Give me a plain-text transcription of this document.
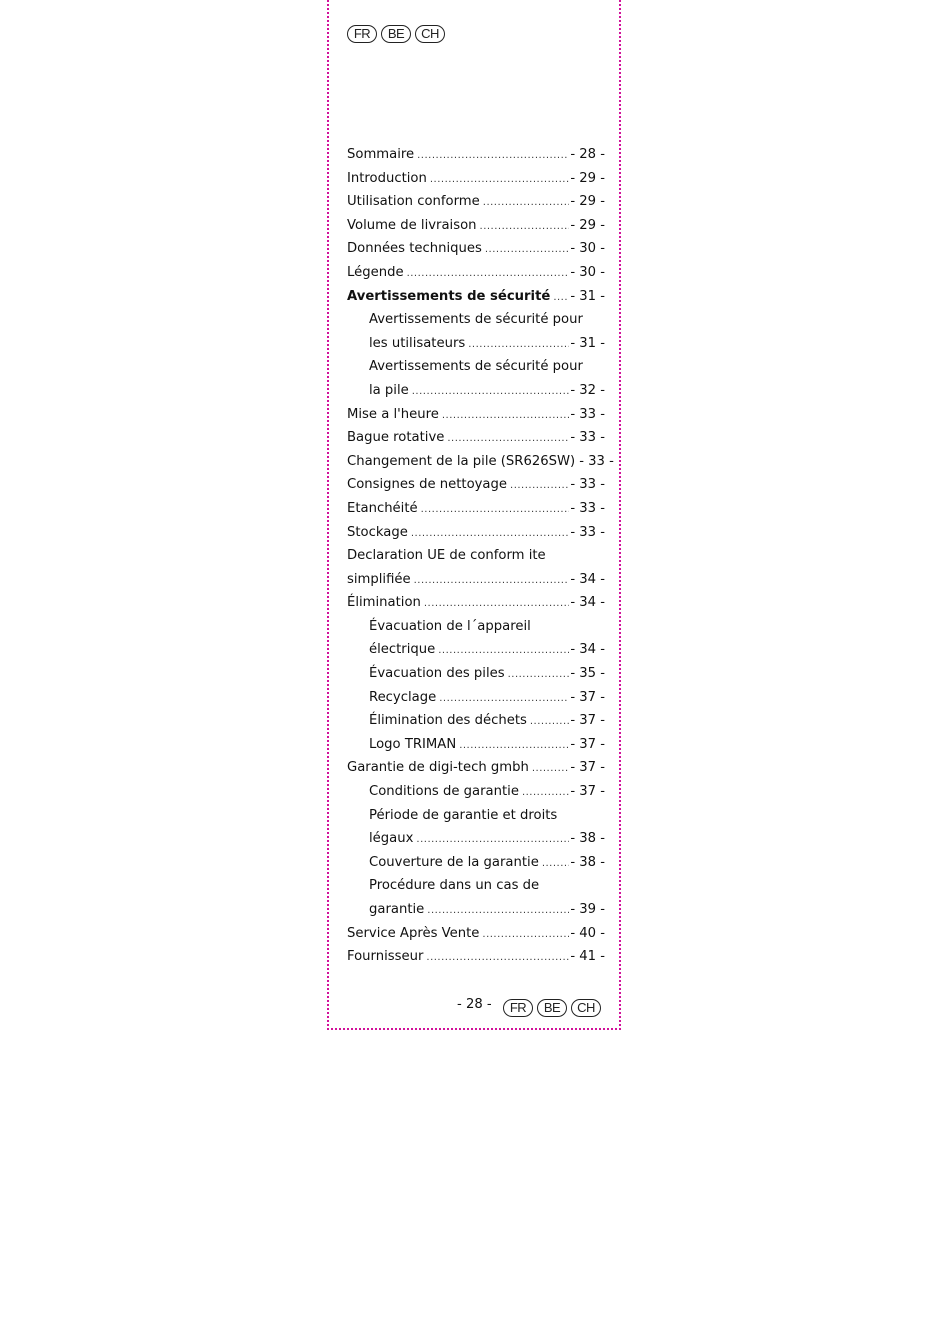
FR	BE	CH
Sommaire .....	- 28 -
Introduction .....	- 29 -
Utilisation conforme .....	- 29 -
Volume de livraison .....	- 29 -
Données techniques .....	- 30 -
Légende .....	- 30 -
Avertissements de sécurité ..... - 31 -
Avertissements de sécurité pour
les utilisateurs .....	- 31 -
Avertissements de sécurité pour
la pile .....	- 32 -
Mise a l'heure .....	- 33 -
Bague rotative .....	- 33 -
Changement de la pile (SR626SW) - 33 -
Consignes de nettoyage .....	- 33 -
Etanchéité .....	- 33 -
Stockage .....	- 33 -
Declaration UE de conform ite
simplifiée .....	- 34 -
Élimination .....	- 34 -
Évacuation de l´appareil
électrique .....	- 34 -
Évacuation des piles .....	- 35 -
Recyclage .....	- 37 -
Élimination des déchets .....	- 37 -
Logo TRIMAN .....	- 37 -
Garantie de digi-tech gmbh .....	- 37 -
Conditions de garantie .....	- 37 -
Période de garantie et droits
légaux .....	- 38 -
Couverture de la garantie ..... - 38 -
Procédure dans un cas de
garantie .....	- 39 -
Service Après Vente .....	- 40 -
Fournisseur .....	- 41 -
- 28 -	FR	BE	CH
